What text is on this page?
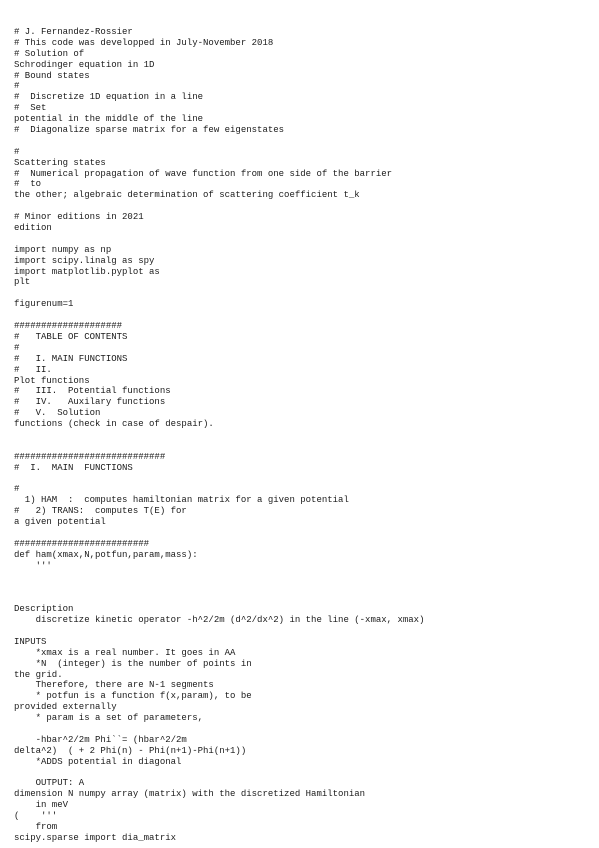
# J. Fernandez-Rossier
# This code was developped in July-November 2018
# Solution of
Schrodinger equation in 1D
# Bound states
#
#  Discretize 1D equation in a line
#  Set
potential in the middle of the line
#  Diagonalize sparse matrix for a few eigenstates
#
Scattering states
#  Numerical propagation of wave function from one side of the barrier
#  to
the other; algebraic determination of scattering coefficient t_k
# Minor editions in 2021
edition
import numpy as np
import scipy.linalg as spy
import matplotlib.pyplot as
plt
figurenum=1
####################
#   TABLE OF CONTENTS
#
#   I. MAIN FUNCTIONS
#   II.
Plot functions
#   III.  Potential functions
#   IV.   Auxilary functions
#   V.  Solution
functions (check in case of despair).
############################
#  I.  MAIN  FUNCTIONS
#
1) HAM  :  computes hamiltonian matrix for a given potential
#   2) TRANS:  computes T(E) for
a given potential
#########################
def ham(xmax,N,potfun,param,mass):
'''
Description
discretize kinetic operator -h^2/2m (d^2/dx^2) in the line (-xmax, xmax)
INPUTS
*xmax is a real number. It goes in AA
*N  (integer) is the number of points in
the grid.
Therefore, there are N-1 segments
* potfun is a function f(x,param), to be
provided externally
* param is a set of parameters,
-hbar^2/2m Phi``= (hbar^2/2m
delta^2)  ( + 2 Phi(n) - Phi(n+1)-Phi(n+1))
*ADDS potential in diagonal
OUTPUT: A
dimension N numpy array (matrix) with the discretized Hamiltonian
in meV
(    '''
from
scipy.sparse import dia_matrix
